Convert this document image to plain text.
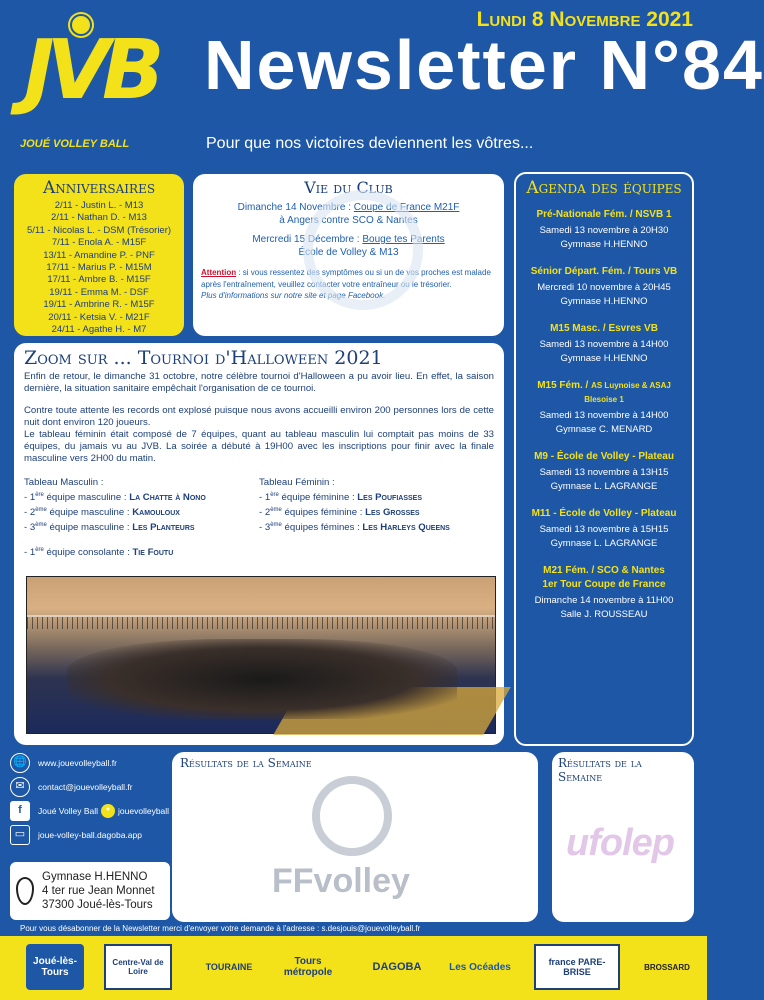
JVB
JOUÉ VOLLEY BALL
Lundi 8 Novembre 2021
Newsletter N°84
Pour que nos victoires deviennent les vôtres...
Anniversaires
2/11 - Justin L. - M13
2/11 - Nathan D. - M13
5/11 - Nicolas L. - DSM (Trésorier)
7/11 - Enola A. - M15F
13/11 - Amandine P. - PNF
17/11 - Marius P. - M15M
17/11 - Ambre B. - M15F
19/11 - Emma M. - DSF
19/11 - Ambrine R. - M15F
20/11 - Ketsia V. - M21F
24/11 - Agathe H. - M7
Vie du Club
Dimanche 14 Novembre : Coupe de France M21F
à Angers contre SCO & Nantes
Mercredi 15 Décembre : Bouge tes Parents
École de Volley & M13
Attention : si vous ressentez des symptômes ou si un de vos proches est malade après l'entraînement, veuillez contacter votre entraîneur ou le trésorier.
Plus d'informations sur notre site et page Facebook.
Agenda des équipes
Pré-Nationale Fém. / NSVB 1
Samedi 13 novembre à 20H30
Gymnase H.HENNO
Sénior Départ. Fém. / Tours VB
Mercredi 10 novembre à 20H45
Gymnase H.HENNO
M15 Masc. / Esvres VB
Samedi 13 novembre à 14H00
Gymnase H.HENNO
M15 Fém. / AS Luynoise & ASAJ Blesoise 1
Samedi 13 novembre à 14H00
Gymnase C. MENARD
M9 - École de Volley - Plateau
Samedi 13 novembre à 13H15
Gymnase L. LAGRANGE
M11 - École de Volley - Plateau
Samedi 13 novembre à 15H15
Gymnase L. LAGRANGE
M21 Fém. / SCO & Nantes
1er Tour Coupe de France
Dimanche 14 novembre à 11H00
Salle J. ROUSSEAU
Zoom sur ... Tournoi d'Halloween 2021

Enfin de retour, le dimanche 31 octobre, notre célèbre tournoi d'Halloween a pu avoir lieu. En effet, la saison dernière, la situation sanitaire empêchait l'organisation de ce tournoi.

Contre toute attente les records ont explosé puisque nous avons accueilli environ 200 personnes lors de cette nuit dont environ 120 joueurs.

Le tableau féminin était composé de 7 équipes, quant au tableau masculin lui comptait pas moins de 33 équipes, du jamais vu au JVB. La soirée a débuté à 19H00 avec les inscriptions pour finir avec la finale masculine vers 2H00 du matin.

Tableau Masculin :
- 1ère équipe masculine : La Chatte à Nono
- 2ème équipe masculine : Kamouloux
- 3ème équipe masculine : Les Planteurs
Tableau Féminin :
- 1ère équipe féminine : Les Poufiasses
- 2ème équipes féminine : Les Grosses
- 3ème équipes fémines : Les Harleys Queens
- 1ère équipe consolante : Tie Foutu
🌐	www.jouevolleyball.fr
✉	contact@jouevolleyball.fr
f	Joué Volley Ball	● jouevolleyball
▭	joue-volley-ball.dagoba.app
Gymnase H.HENNO
4 ter rue Jean Monnet
37300 Joué-lès-Tours
Résultats de la Semaine
FFvolley
Résultats de la Semaine
ufolep
Pour vous désabonner de la Newsletter merci d'envoyer votre demande à l'adresse : s.desjouis@jouevolleyball.fr
Joué-lès-Tours
Centre-Val de Loire	TOURAINE	Tours métropole	DAGOBA	Les Océades	france PARE-BRISE	BROSSARD
